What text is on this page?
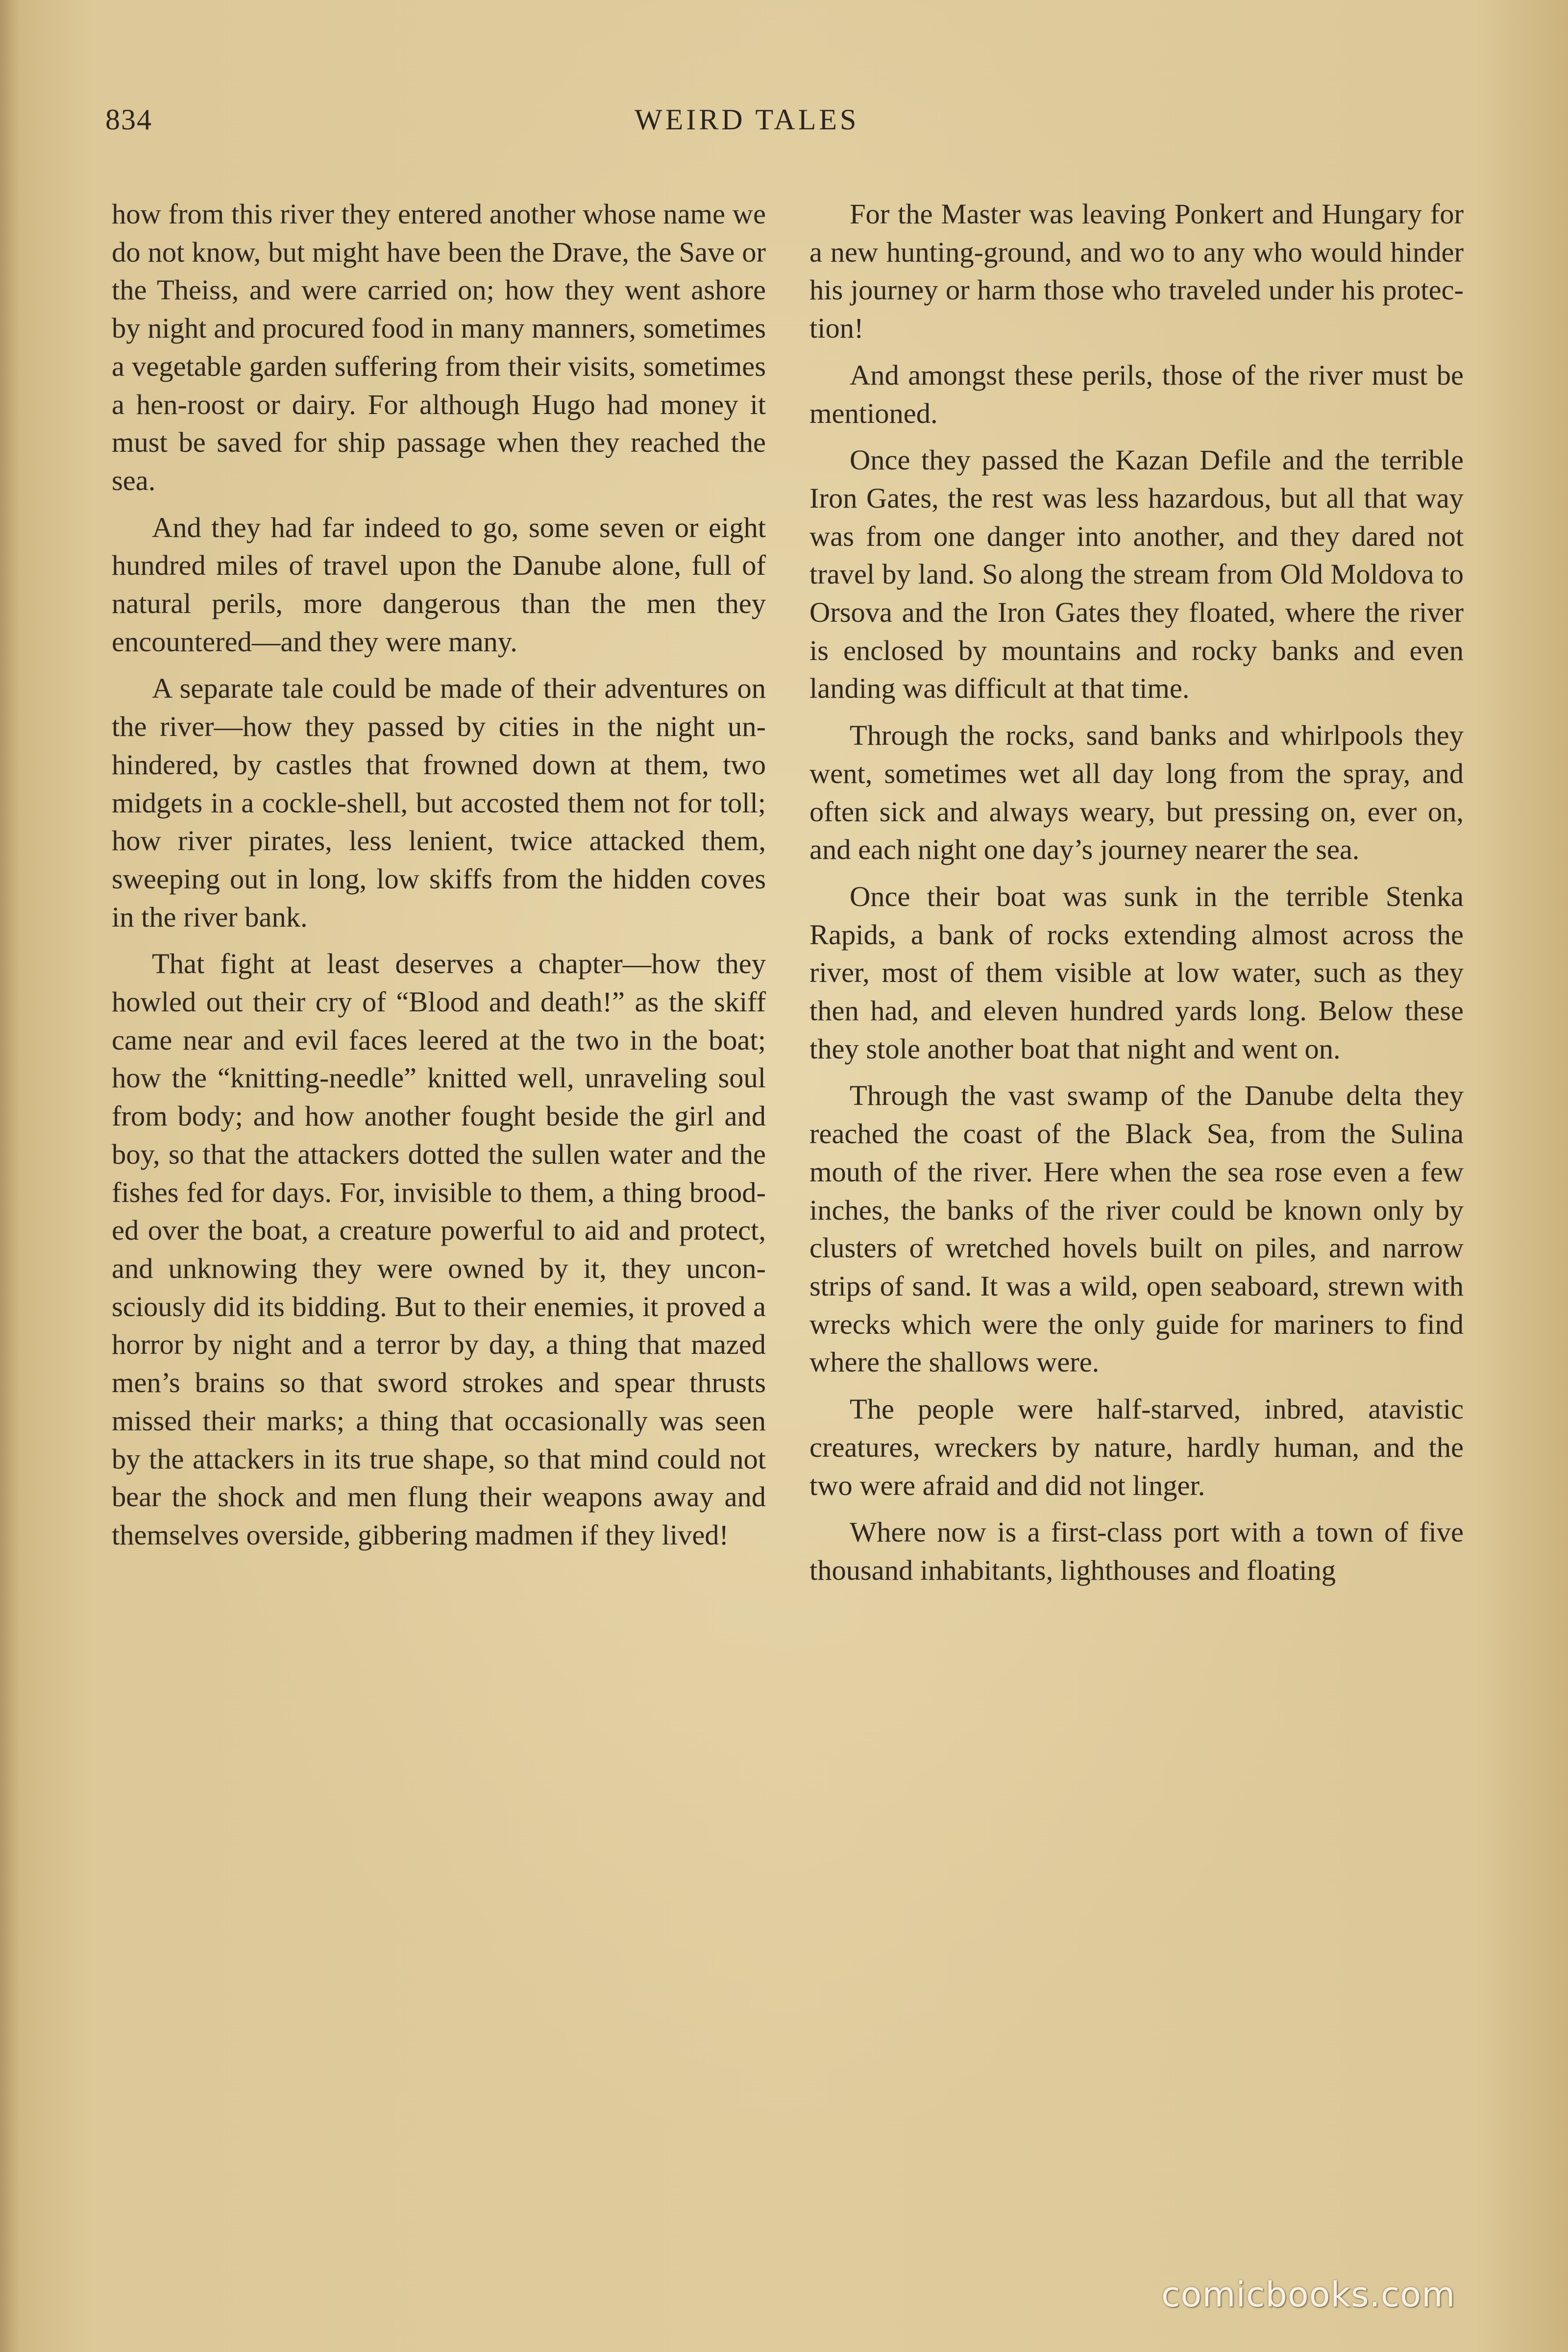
834	WEIRD TALES

how from this river they entered another whose name we do not know, but might have been the Drave, the Save or the Theiss, and were carried on; how they went ashore by night and procured food in many manners, sometimes a vegetable garden suffering from their visits, sometimes a hen-roost or dairy. For although Hugo had money it must be saved for ship passage when they reached the sea.

And they had far indeed to go, some seven or eight hundred miles of travel upon the Danube alone, full of natural perils, more dangerous than the men they encountered—and they were many.

A separate tale could be made of their adventures on the river—how they passed by cities in the night unhindered, by castles that frowned down at them, two midgets in a cockle-shell, but accosted them not for toll; how river pirates, less lenient, twice attacked them, sweeping out in long, low skiffs from the hidden coves in the river bank.

That fight at least deserves a chapter—how they howled out their cry of “Blood and death!” as the skiff came near and evil faces leered at the two in the boat; how the “knitting-needle” knitted well, unraveling soul from body; and how another fought beside the girl and boy, so that the attackers dotted the sullen water and the fishes fed for days. For, invisible to them, a thing brooded over the boat, a creature powerful to aid and protect, and unknowing they were owned by it, they unconsciously did its bidding. But to their enemies, it proved a horror by night and a terror by day, a thing that mazed men’s brains so that sword strokes and spear thrusts missed their marks; a thing that occasionally was seen by the attackers in its true shape, so that mind could not bear the shock and men flung their weapons away and themselves overside, gibbering madmen if they lived!

For the Master was leaving Ponkert and Hungary for a new hunting-ground, and wo to any who would hinder his journey or harm those who traveled under his protection!

And amongst these perils, those of the river must be mentioned.

Once they passed the Kazan Defile and the terrible Iron Gates, the rest was less hazardous, but all that way was from one danger into another, and they dared not travel by land. So along the stream from Old Moldova to Orsova and the Iron Gates they floated, where the river is enclosed by mountains and rocky banks and even landing was difficult at that time.

Through the rocks, sand banks and whirlpools they went, sometimes wet all day long from the spray, and often sick and always weary, but pressing on, ever on, and each night one day’s journey nearer the sea.

Once their boat was sunk in the terrible Stenka Rapids, a bank of rocks extending almost across the river, most of them visible at low water, such as they then had, and eleven hundred yards long. Below these they stole another boat that night and went on.

Through the vast swamp of the Danube delta they reached the coast of the Black Sea, from the Sulina mouth of the river. Here when the sea rose even a few inches, the banks of the river could be known only by clusters of wretched hovels built on piles, and narrow strips of sand. It was a wild, open seaboard, strewn with wrecks which were the only guide for mariners to find where the shallows were.

The people were half-starved, inbred, atavistic creatures, wreckers by nature, hardly human, and the two were afraid and did not linger.

Where now is a first-class port with a town of five thousand inhabitants, lighthouses and floating

comicbooks.com
